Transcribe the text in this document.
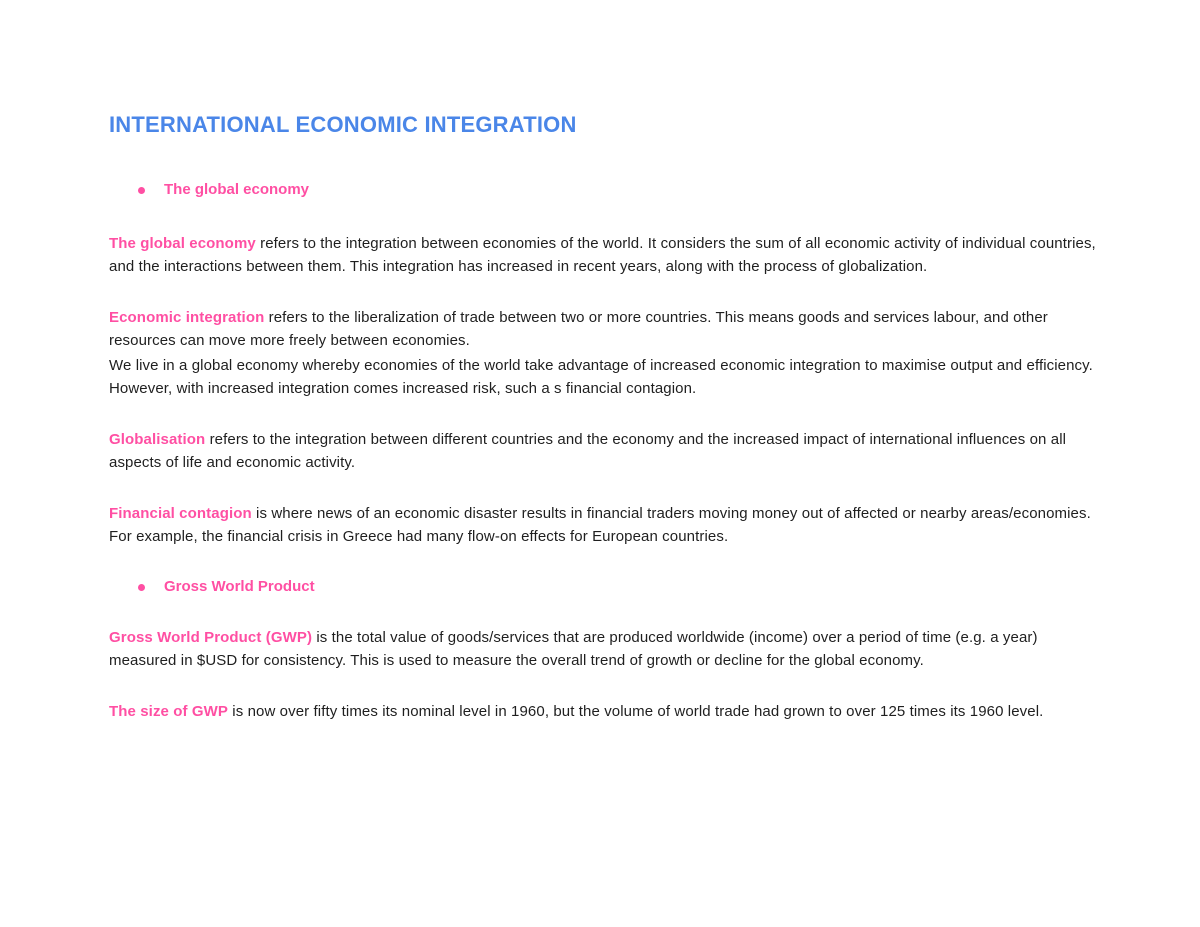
INTERNATIONAL ECONOMIC INTEGRATION
The global economy

The global economy refers to the integration between economies of the world. It considers the sum of all economic activity of individual countries, and the interactions between them. This integration has increased in recent years, along with the process of globalization.

Economic integration refers to the liberalization of trade between two or more countries. This means goods and services labour, and other resources can move more freely between economies.

We live in a global economy whereby economies of the world take advantage of increased economic integration to maximise output and efficiency. However, with increased integration comes increased risk, such a s financial contagion.

Globalisation refers to the integration between different countries and the economy and the increased impact of international influences on all aspects of life and economic activity.

Financial contagion is where news of an economic disaster results in financial traders moving money out of affected or nearby areas/economies. For example, the financial crisis in Greece had many flow-on effects for European countries.

Gross World Product

Gross World Product (GWP) is the total value of goods/services that are produced worldwide (income) over a period of time (e.g. a year) measured in $USD for consistency. This is used to measure the overall trend of growth or decline for the global economy.

The size of GWP is now over fifty times its nominal level in 1960, but the volume of world trade had grown to over 125 times its 1960 level.
